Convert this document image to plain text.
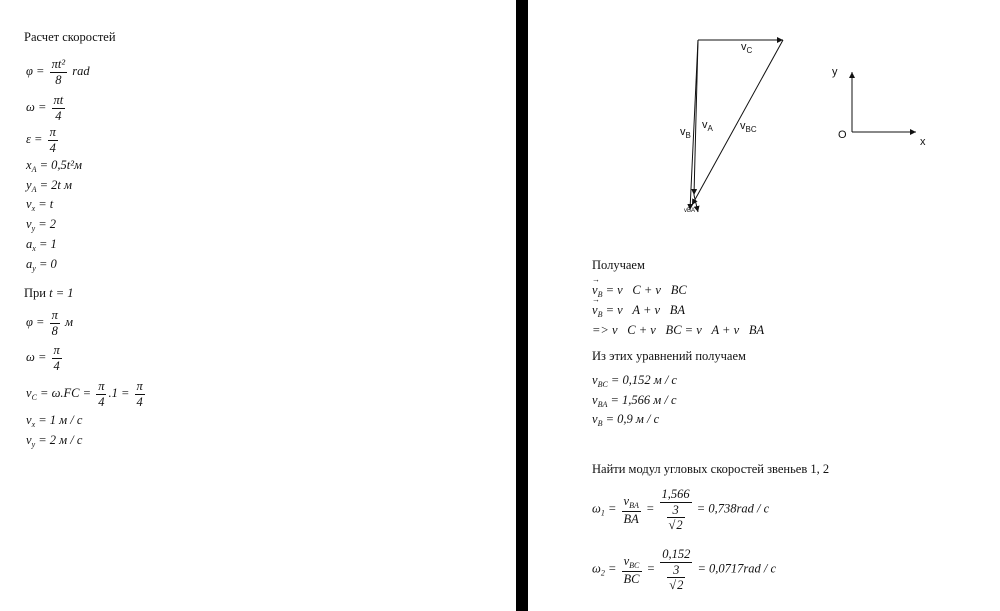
Расчет скоростей
$\varphi = \frac{\text{πt²}}{8}$ rad
$\omega = \frac{\pi t}{4}$
$\varepsilon = \frac{\pi}{4}$
$x_A = 0,5t^2м$
$y_A = 2t$ м
$v_x = t$
$v_y = 2$
$a_x = 1$
$a_y = 0$
При t = 1
$\varphi = \frac{\pi}{8}$ м
$\omega = \frac{\pi}{4}$
$v_C = \omega.FC = \frac{\pi}{4} .1 = \frac{\pi}{4}$
$v_x = 1$ м / с
$v_y = 2$ м / с
$v_C$
$v_B$
$v_A$ $v_{BC}$
vBA
y
x
O
Получаем
→ $v_B$ = v⃗C + v⃗BC
→ $v_B$ = v⃗A + v⃗BA
=> v⃗C + v⃗BC = v⃗A + v⃗BA
Из этих уравнений получаем
$v_{BC} = 0,152$ м / с
$v_{BA} = 1,566$ м / с
$v_B = 0,9$ м / с
Найти модул угловых скоростей звеньев 1, 2
$\omega_1 = \frac{v_{BA}}{BA} = \frac{1,566}{\frac{3}{√2}} = 0,738rad / с$
$\omega_2 = \frac{v_{BC}}{BC} = \frac{0,152}{\frac{3}{√2}} = 0,0717rad / с$
